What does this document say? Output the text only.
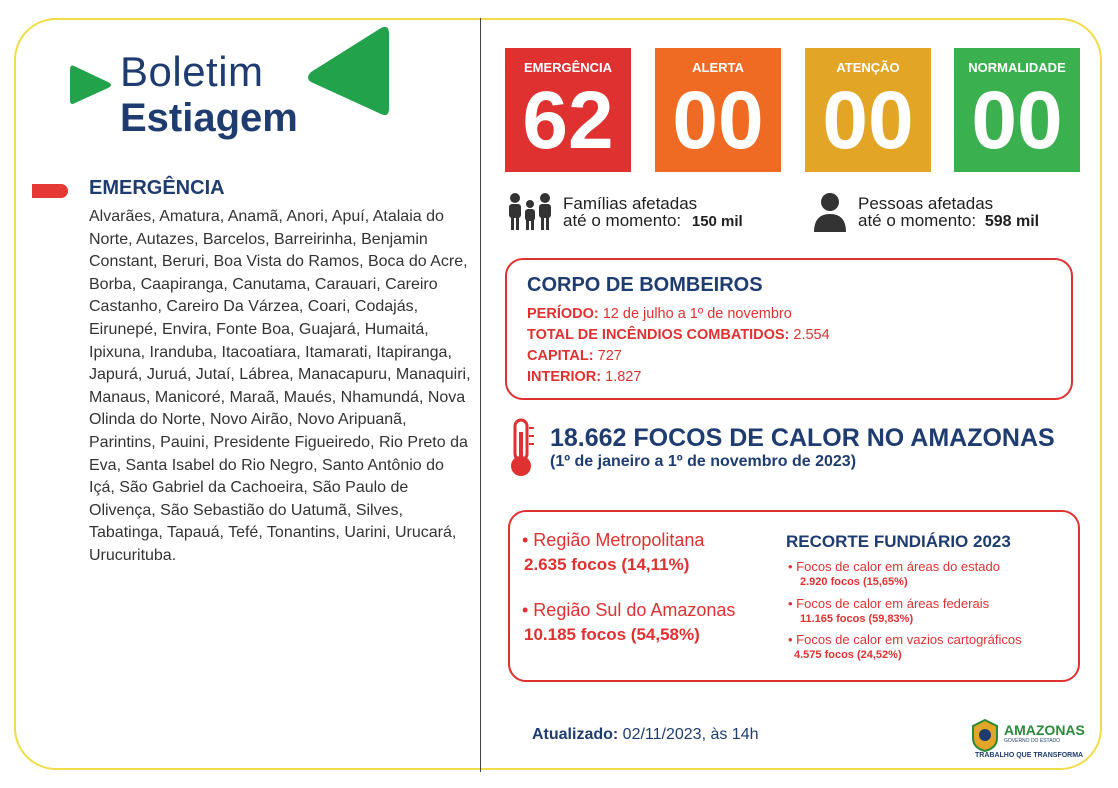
Boletim
Estiagem
EMERGÊNCIA
Alvarães, Amatura, Anamã, Anori, Apuí, Atalaia do Norte, Autazes, Barcelos, Barreirinha, Benjamin Constant, Beruri, Boa Vista do Ramos, Boca do Acre, Borba, Caapiranga, Canutama, Carauari, Careiro Castanho, Careiro Da Várzea, Coari, Codajás, Eirunepé, Envira, Fonte Boa, Guajará, Humaitá, Ipixuna, Iranduba, Itacoatiara, Itamarati, Itapiranga, Japurá, Juruá, Jutaí, Lábrea, Manacapuru, Manaquiri, Manaus, Manicoré, Maraã, Maués, Nhamundá, Nova Olinda do Norte, Novo Airão, Novo Aripuanã, Parintins, Pauini, Presidente Figueiredo, Rio Preto da Eva, Santa Isabel do Rio Negro, Santo Antônio do Içá, São Gabriel da Cachoeira, São Paulo de Olivença, São Sebastião do Uatumã, Silves, Tabatinga, Tapauá, Tefé, Tonantins, Uarini, Urucará, Urucurituba.
EMERGÊNCIA
62
ALERTA
00
ATENÇÃO
00
NORMALIDADE
00
Famílias afetadas
até o momento: 150 mil
Pessoas afetadas
até o momento: 598 mil
CORPO DE BOMBEIROS
PERÍODO: 12 de julho a 1º de novembro
TOTAL DE INCÊNDIOS COMBATIDOS: 2.554
CAPITAL: 727
INTERIOR: 1.827
18.662 FOCOS DE CALOR NO AMAZONAS
(1º de janeiro a 1º de novembro de 2023)
• Região Metropolitana
2.635 focos (14,11%)
• Região Sul do Amazonas
10.185 focos (54,58%)
RECORTE FUNDIÁRIO 2023
• Focos de calor em áreas do estado
2.920 focos (15,65%)
• Focos de calor em áreas federais
11.165 focos (59,83%)
• Focos de calor em vazios cartográficos
4.575 focos (24,52%)
Atualizado: 02/11/2023, às 14h	AMAZONAS
GOVERNO DO ESTADO
TRABALHO QUE TRANSFORMA
